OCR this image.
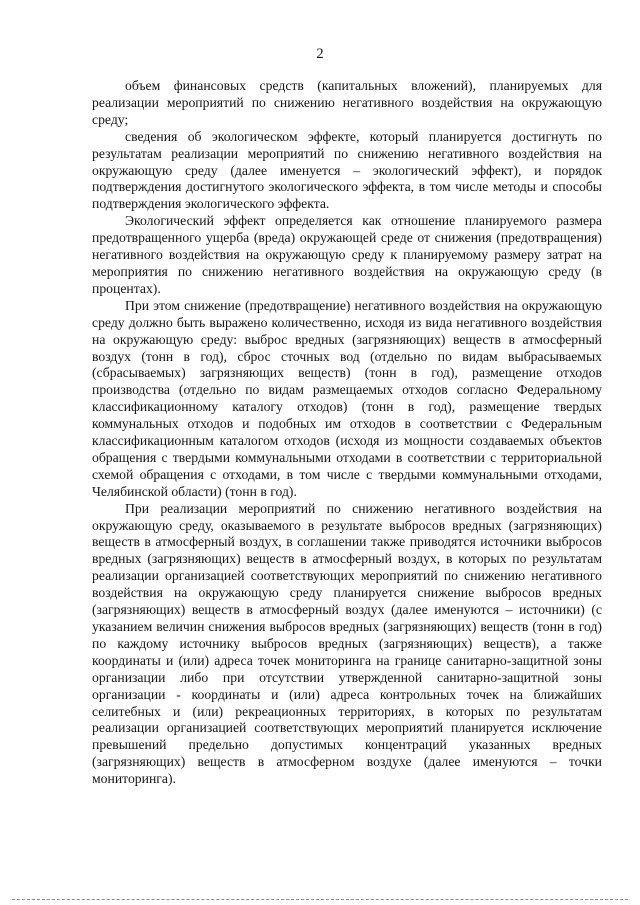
2

объем финансовых средств (капитальных вложений), планируемых для реализации мероприятий по снижению негативного воздействия на окружающую среду;

сведения об экологическом эффекте, который планируется достигнуть по результатам реализации мероприятий по снижению негативного воздействия на окружающую среду (далее именуется – экологический эффект), и порядок подтверждения достигнутого экологического эффекта, в том числе методы и способы подтверждения экологического эффекта.

Экологический эффект определяется как отношение планируемого размера предотвращенного ущерба (вреда) окружающей среде от снижения (предотвращения) негативного воздействия на окружающую среду к планируемому размеру затрат на мероприятия по снижению негативного воздействия на окружающую среду (в процентах).

При этом снижение (предотвращение) негативного воздействия на окружающую среду должно быть выражено количественно, исходя из вида негативного воздействия на окружающую среду: выброс вредных (загрязняющих) веществ в атмосферный воздух (тонн в год), сброс сточных вод (отдельно по видам выбрасываемых (сбрасываемых) загрязняющих веществ) (тонн в год), размещение отходов производства (отдельно по видам размещаемых отходов согласно Федеральному классификационному каталогу отходов) (тонн в год), размещение твердых коммунальных отходов и подобных им отходов в соответствии с Федеральным классификационным каталогом отходов (исходя из мощности создаваемых объектов обращения с твердыми коммунальными отходами в соответствии с территориальной схемой обращения с отходами, в том числе с твердыми коммунальными отходами, Челябинской области) (тонн в год).

При реализации мероприятий по снижению негативного воздействия на окружающую среду, оказываемого в результате выбросов вредных (загрязняющих) веществ в атмосферный воздух, в соглашении также приводятся источники выбросов вредных (загрязняющих) веществ в атмосферный воздух, в которых по результатам реализации организацией соответствующих мероприятий по снижению негативного воздействия на окружающую среду планируется снижение выбросов вредных (загрязняющих) веществ в атмосферный воздух (далее именуются – источники) (с указанием величин снижения выбросов вредных (загрязняющих) веществ (тонн в год) по каждому источнику выбросов вредных (загрязняющих) веществ), а также координаты и (или) адреса точек мониторинга на границе санитарно-защитной зоны организации либо при отсутствии утвержденной санитарно-защитной зоны организации - координаты и (или) адреса контрольных точек на ближайших селитебных и (или) рекреационных территориях, в которых по результатам реализации организацией соответствующих мероприятий планируется исключение превышений предельно допустимых концентраций указанных вредных (загрязняющих) веществ в атмосферном воздухе (далее именуются – точки мониторинга).
